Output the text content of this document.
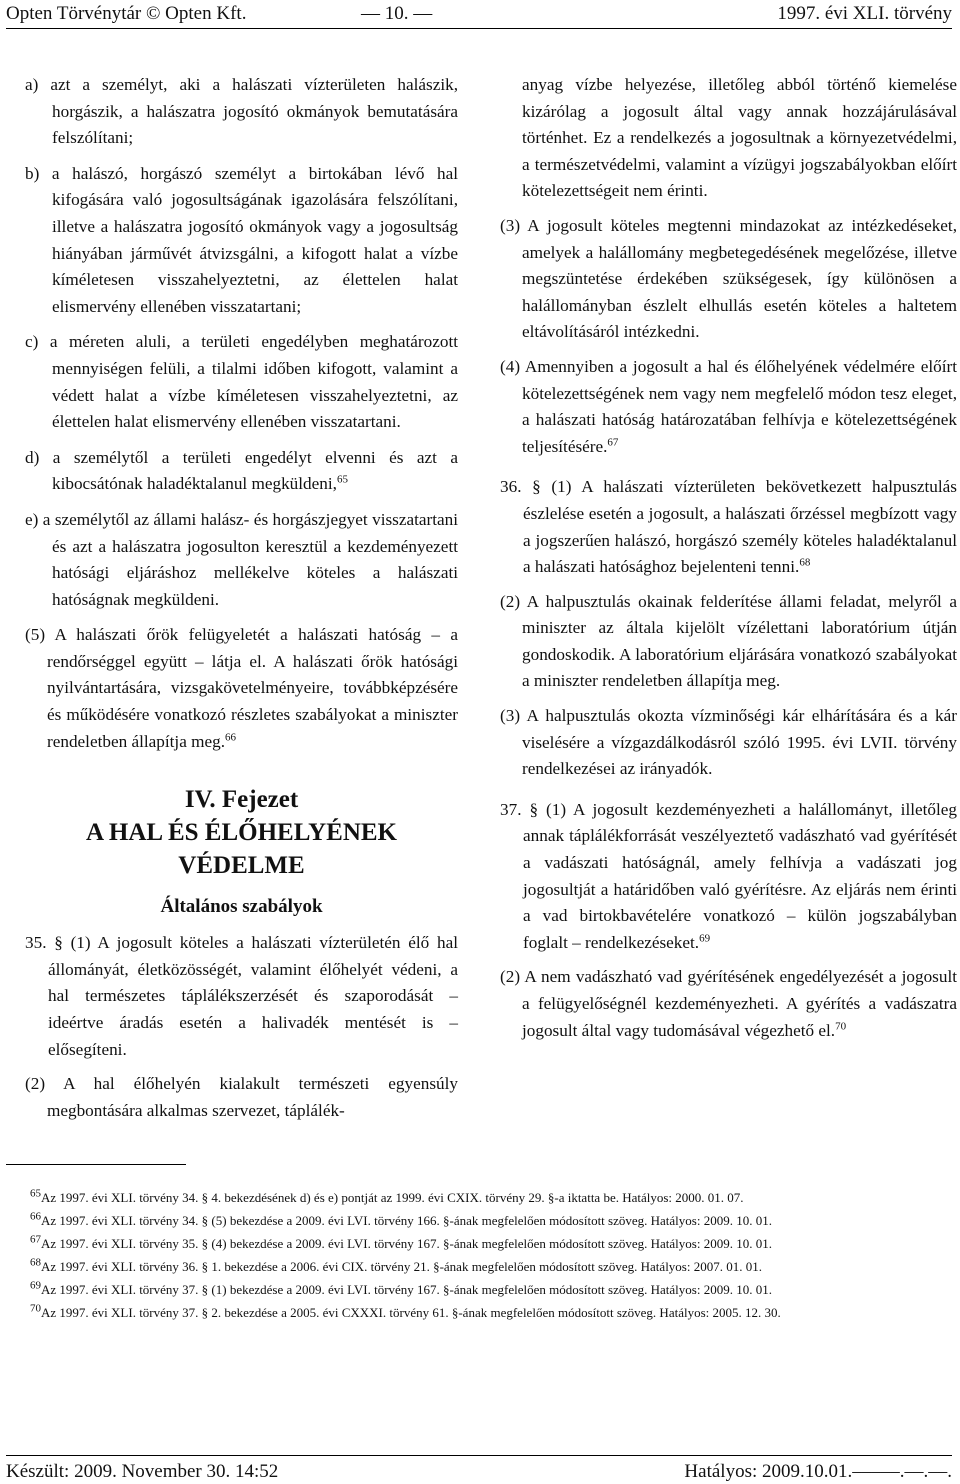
Opten Törvénytár © Opten Kft.	— 10. —	1997. évi XLI. törvény

a) azt a személyt, aki a halászati vízterületen halászik, horgászik, a halászatra jogosító okmányok bemutatására felszólítani;

b) a halászó, horgászó személyt a birtokában lévő hal kifogására való jogosultságának igazolására felszólítani, illetve a halászatra jogosító okmányok vagy a jogosultság hiányában járművét átvizsgálni, a kifogott halat a vízbe kíméletesen visszahelyeztetni, az élettelen halat elismervény ellenében visszatartani;

c) a méreten aluli, a területi engedélyben meghatározott mennyiségen felüli, a tilalmi időben kifogott, valamint a védett halat a vízbe kíméletesen visszahelyeztetni, az élettelen halat elismervény ellenében visszatartani.

d) a személytől a területi engedélyt elvenni és azt a kibocsátónak haladéktalanul megküldeni,$^{65}$

e) a személytől az állami halász- és horgászjegyet visszatartani és azt a halászatra jogosulton keresztül a kezdeményezett hatósági eljáráshoz mellékelve köteles a halászati hatóságnak megküldeni.

(5) A halászati őrök felügyeletét a halászati hatóság – a rendőrséggel együtt – látja el. A halászati őrök hatósági nyilvántartására, vizsgakövetelményeire, továbbképzésére és működésére vonatkozó részletes szabályokat a miniszter rendeletben állapítja meg.$^{66}$

IV. Fejezet

A HAL ÉS ÉLŐHELYÉNEK

VÉDELME

Általános szabályok

35. § (1) A jogosult köteles a halászati vízterületén élő hal állományát, életközösségét, valamint élőhelyét védeni, a hal természetes táplálékszerzését és szaporodását – ideértve áradás esetén a halivadék mentését is – elősegíteni.

(2) A hal élőhelyén kialakult természeti egyensúly megbontására alkalmas szervezet, táplálék-

anyag vízbe helyezése, illetőleg abból történő kiemelése kizárólag a jogosult által vagy annak hozzájárulásával történhet. Ez a rendelkezés a jogosultnak a környezetvédelmi, a természetvédelmi, valamint a vízügyi jogszabályokban előírt kötelezettségeit nem érinti.

(3) A jogosult köteles megtenni mindazokat az intézkedéseket, amelyek a halállomány megbetegedésének megelőzése, illetve megszüntetése érdekében szükségesek, így különösen a halállományban észlelt elhullás esetén köteles a haltetem eltávolításáról intézkedni.

(4) Amennyiben a jogosult a hal és élőhelyének védelmére előírt kötelezettségének nem vagy nem megfelelő módon tesz eleget, a halászati hatóság határozatában felhívja e kötelezettségének teljesítésére.$^{67}$

36. § (1) A halászati vízterületen bekövetkezett halpusztulás észlelése esetén a jogosult, a halászati őrzéssel megbízott vagy a jogszerűen halászó, horgászó személy köteles haladéktalanul a halászati hatósághoz bejelenteni tenni.$^{68}$

(2) A halpusztulás okainak felderítése állami feladat, melyről a miniszter az általa kijelölt vízélettani laboratórium útján gondoskodik. A laboratórium eljárására vonatkozó szabályokat a miniszter rendeletben állapítja meg.

(3) A halpusztulás okozta vízminőségi kár elhárítására és a kár viselésére a vízgazdálkodásról szóló 1995. évi LVII. törvény rendelkezései az irányadók.

37. § (1) A jogosult kezdeményezheti a halállományt, illetőleg annak táplálékforrását veszélyeztető vadászható vad gyérítését a vadászati hatóságnál, amely felhívja a vadászati jog jogosultját a határidőben való gyérítésre. Az eljárás nem érinti a vad birtokbavételére vonatkozó – külön jogszabályban foglalt – rendelkezéseket.$^{69}$

(2) A nem vadászható vad gyérítésének engedélyezését a jogosult a felügyelőségnél kezdeményezheti. A gyérítés a vadászatra jogosult által vagy tudomásával végezhető el.$^{70}$

$^{65}$Az 1997. évi XLI. törvény 34. § 4. bekezdésének d) és e) pontját az 1999. évi CXIX. törvény 29. §-a iktatta be. Hatályos: 2000. 01. 07.
$^{66}$Az 1997. évi XLI. törvény 34. § (5) bekezdése a 2009. évi LVI. törvény 166. §-ának megfelelően módosított szöveg. Hatályos: 2009. 10. 01.
$^{67}$Az 1997. évi XLI. törvény 35. § (4) bekezdése a 2009. évi LVI. törvény 167. §-ának megfelelően módosított szöveg. Hatályos: 2009. 10. 01.
$^{68}$Az 1997. évi XLI. törvény 36. § 1. bekezdése a 2006. évi CIX. törvény 21. §-ának megfelelően módosított szöveg. Hatályos: 2007. 01. 01.
$^{69}$Az 1997. évi XLI. törvény 37. § (1) bekezdése a 2009. évi LVI. törvény 167. §-ának megfelelően módosított szöveg. Hatályos: 2009. 10. 01.
$^{70}$Az 1997. évi XLI. törvény 37. § 2. bekezdése a 2005. évi CXXXI. törvény 61. §-ának megfelelően módosított szöveg. Hatályos: 2005. 12. 30.
Készült: 2009. November 30. 14:52	Hatályos: 2009.10.01.–––––.––.––.
